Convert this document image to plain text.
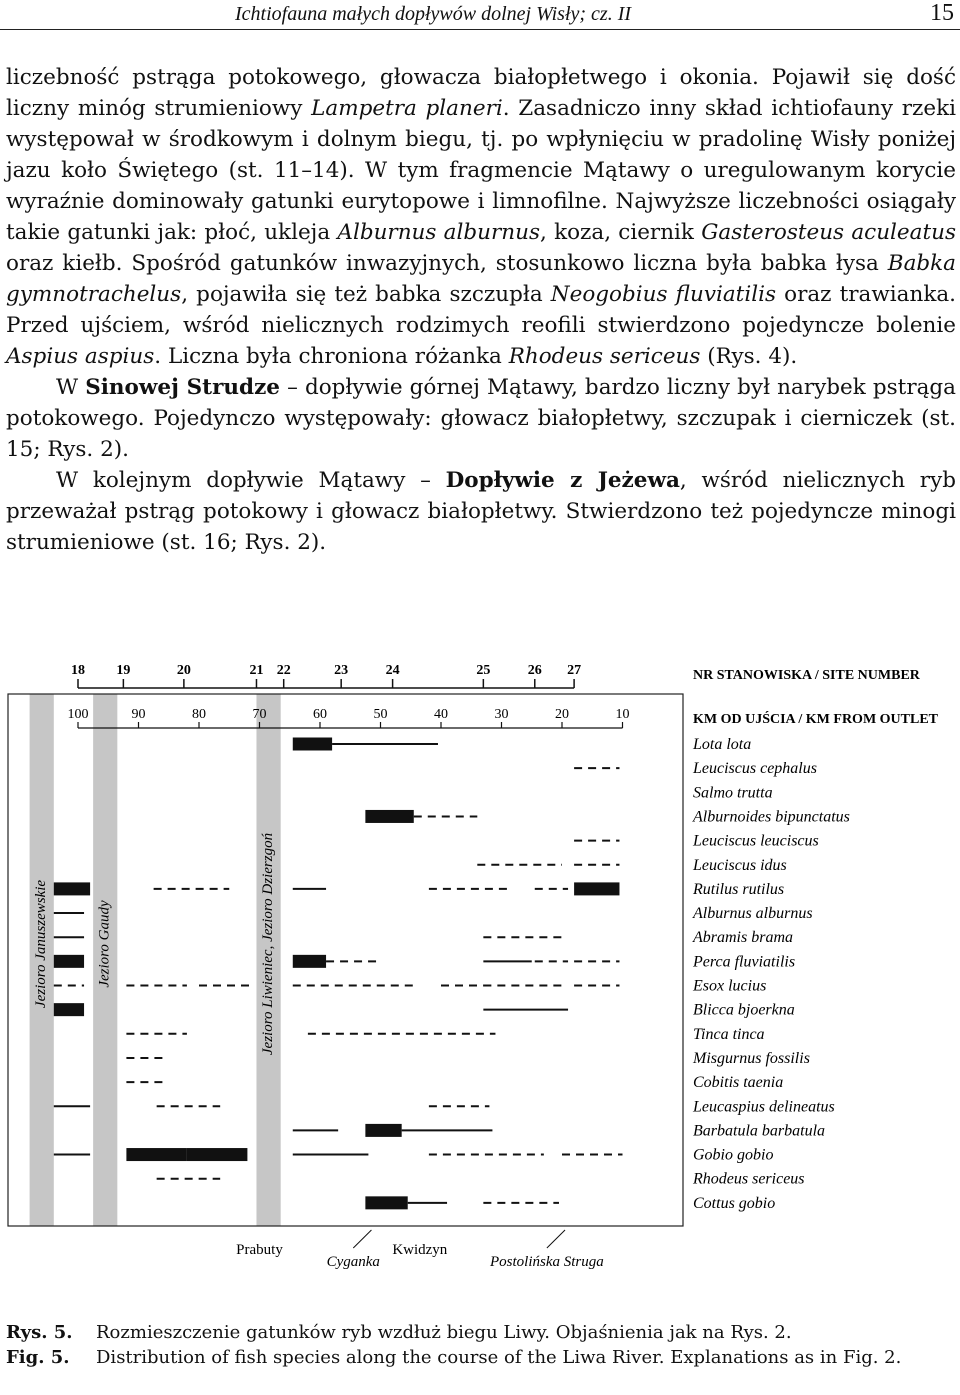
Ichtiofauna małych dopływów dolnej Wisły; cz. II	15

liczebność pstrąga potokowego, głowacza białopłetwego i okonia. Pojawił się dość liczny minóg strumieniowy Lampetra planeri. Zasadniczo inny skład ichtiofauny rzeki występował w środkowym i dolnym biegu, tj. po wpłynięciu w pradolinę Wisły poniżej jazu koło Świętego (st. 11–14). W tym fragmencie Mątawy o uregulowanym korycie wyraźnie dominowały gatunki eurytopowe i limnofilne. Najwyższe liczebności osiągały takie gatunki jak: płoć, ukleja Alburnus alburnus, koza, ciernik Gasterosteus aculeatus oraz kiełb. Spośród gatunków inwazyjnych, stosunkowo liczna była babka łysa Babka gymnotrachelus, pojawiła się też babka szczupła Neogobius fluviatilis oraz trawianka. Przed ujściem, wśród nielicznych rodzimych reofili stwierdzono pojedyncze bolenie Aspius aspius. Liczna była chroniona różanka Rhodeus sericeus (Rys. 4).

W Sinowej Strudze – dopływie górnej Mątawy, bardzo liczny był narybek pstrąga potokowego. Pojedynczo występowały: głowacz białopłetwy, szczupak i cierniczek (st. 15; Rys. 2).

W kolejnym dopływie Mątawy – Dopływie z Jeżewa, wśród nielicznych ryb przeważał pstrąg potokowy i głowacz białopłetwy. Stwierdzono też pojedyncze minogi strumieniowe (st. 16; Rys. 2).

Jezioro Januszewskie	Jezioro Gaudy	Jezioro Liwieniec, Jezioro Dzierzgoń
18 19	20	21 22	23	24	25	26 27	NR STANOWISKA / SITE NUMBER
100	90	80	70	60	50	40	30	20	10	KM OD UJŚCIA / KM FROM OUTLET
Lota lota
Leuciscus cephalus
Salmo trutta
Alburnoides bipunctatus
Leuciscus leuciscus
Leuciscus idus
Rutilus rutilus
Alburnus alburnus
Abramis brama
Perca fluviatilis
Esox lucius
Blicca bjoerkna
Tinca tinca
Misgurnus fossilis
Cobitis taenia
Leucaspius delineatus
Barbatula barbatula
Gobio gobio
Rhodeus sericeus
Cottus gobio
Prabuty
Cyganka
Kwidzyn
Postolińska Struga
Rys. 5.	Rozmieszczenie gatunków ryb wzdłuż biegu Liwy. Objaśnienia jak na Rys. 2.
Fig. 5.	Distribution of fish species along the course of the Liwa River. Explanations as in Fig. 2.
